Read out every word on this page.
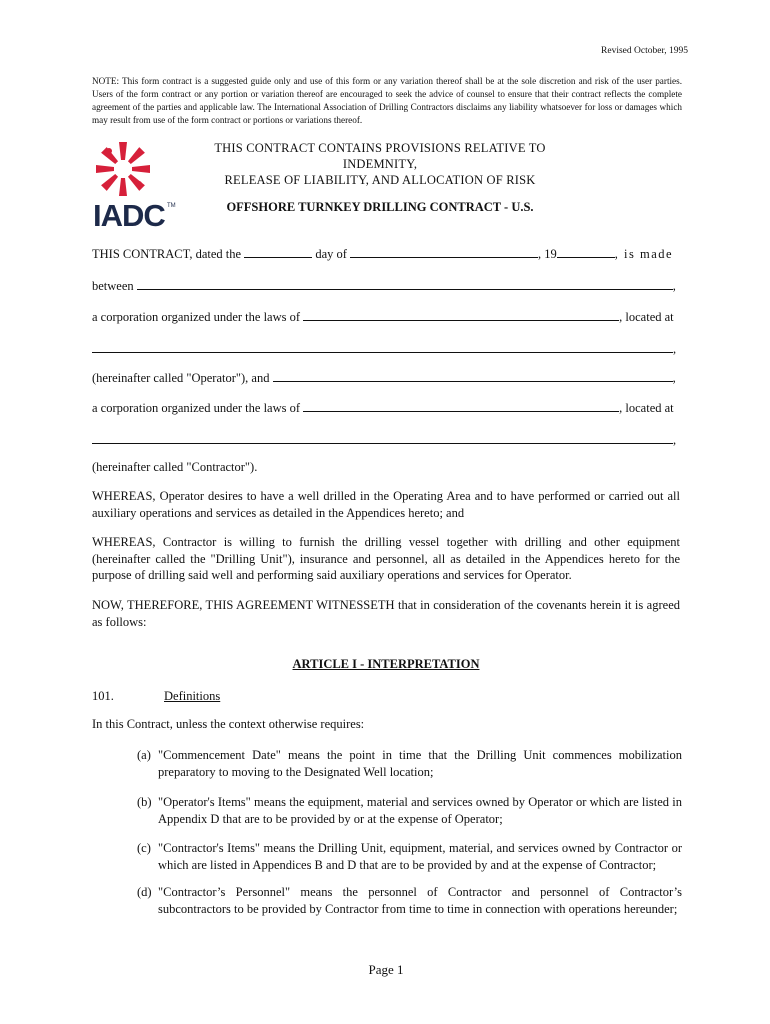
Revised October, 1995
NOTE: This form contract is a suggested guide only and use of this form or any variation thereof shall be at the sole discretion and risk of the user parties. Users of the form contract or any portion or variation thereof are encouraged to seek the advice of counsel to ensure that their contract reflects the complete agreement of the parties and applicable law. The International Association of Drilling Contractors disclaims any liability whatsoever for loss or damages which may result from use of the form contract or portions or variations thereof.
IADC TM
THIS CONTRACT CONTAINS PROVISIONS RELATIVE TO INDEMNITY,
RELEASE OF LIABILITY, AND ALLOCATION OF RISK
OFFSHORE TURNKEY DRILLING CONTRACT - U.S.
THIS CONTRACT, dated the	day of	, 19	, is made
between	,
a corporation organized under the laws of	, located at
,
(hereinafter called "Operator"), and	,
a corporation organized under the laws of	, located at
,
(hereinafter called "Contractor").
WHEREAS, Operator desires to have a well drilled in the Operating Area and to have performed or carried out all auxiliary operations and services as detailed in the Appendices hereto; and
WHEREAS, Contractor is willing to furnish the drilling vessel together with drilling and other equipment (hereinafter called the "Drilling Unit"), insurance and personnel, all as detailed in the Appendices hereto for the purpose of drilling said well and performing said auxiliary operations and services for Operator.
NOW, THEREFORE, THIS AGREEMENT WITNESSETH that in consideration of the covenants herein it is agreed as follows:
ARTICLE I - INTERPRETATION
101.	Definitions
In this Contract, unless the context otherwise requires:
(a) "Commencement Date" means the point in time that the Drilling Unit commences mobilization preparatory to moving to the Designated Well location;
(b) "Operator's Items" means the equipment, material and services owned by Operator or which are listed in Appendix D that are to be provided by or at the expense of Operator;
(c) "Contractor's Items" means the Drilling Unit, equipment, material, and services owned by Contractor or which are listed in Appendices B and D that are to be provided by and at the expense of Contractor;
(d) "Contractor’s Personnel" means the personnel of Contractor and personnel of Contractor’s subcontractors to be provided by Contractor from time to time in connection with operations hereunder;
Page 1
